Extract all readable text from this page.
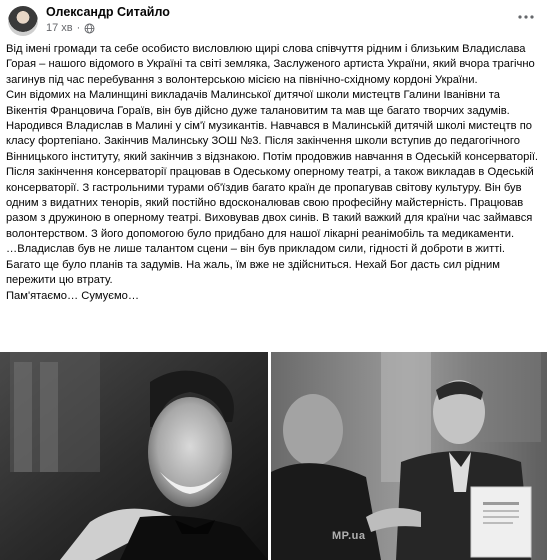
Олександр Ситайло
17 хв ·

Від імені громади та себе особисто висловлюю щирі слова співчуття рідним і близьким Владислава Горая – нашого відомого в Україні та світі земляка, Заслуженого артиста України, який вчора трагічно загинув під час перебування з волонтерською місією на північно-східному кордоні України.

Син відомих на Малинщині викладачів Малинської дитячої школи мистецтв Галини Іванівни та Вікентія Францовича Гораїв, він був дійсно дуже талановитим та мав ще багато творчих задумів.

Народився Владислав в Малині у сім'ї музикантів. Навчався в Малинській дитячій школі мистецтв по класу фортепіано. Закінчив Малинську ЗОШ №3. Після закінчення школи вступив до педагогічного Вінницького інституту, який закінчив з відзнакою. Потім продовжив навчання в Одеській консерваторії. Після закінчення консерваторії працював в Одеському оперному театрі, а також викладав в Одеській консерваторії. З гастрольними турами об'їздив багато країн де пропагував світову культуру. Він був одним з видатних тенорів, який постійно вдосконалював свою професійну майстерність. Працював разом з дружиною в оперному театрі. Виховував двох синів. В такий важкий для країни час займався волонтерством. З його допомогою було придбано для нашої лікарні реанімобіль та медикаменти.

…Владислав був не лише талантом сцени – він був прикладом сили, гідності й доброти в житті. Багато ще було планів та задумів. На жаль, їм вже не здійсниться. Нехай Бог дасть сил рідним пережити цю втрату.

Пам'ятаємо… Сумуємо…

MP.ua
